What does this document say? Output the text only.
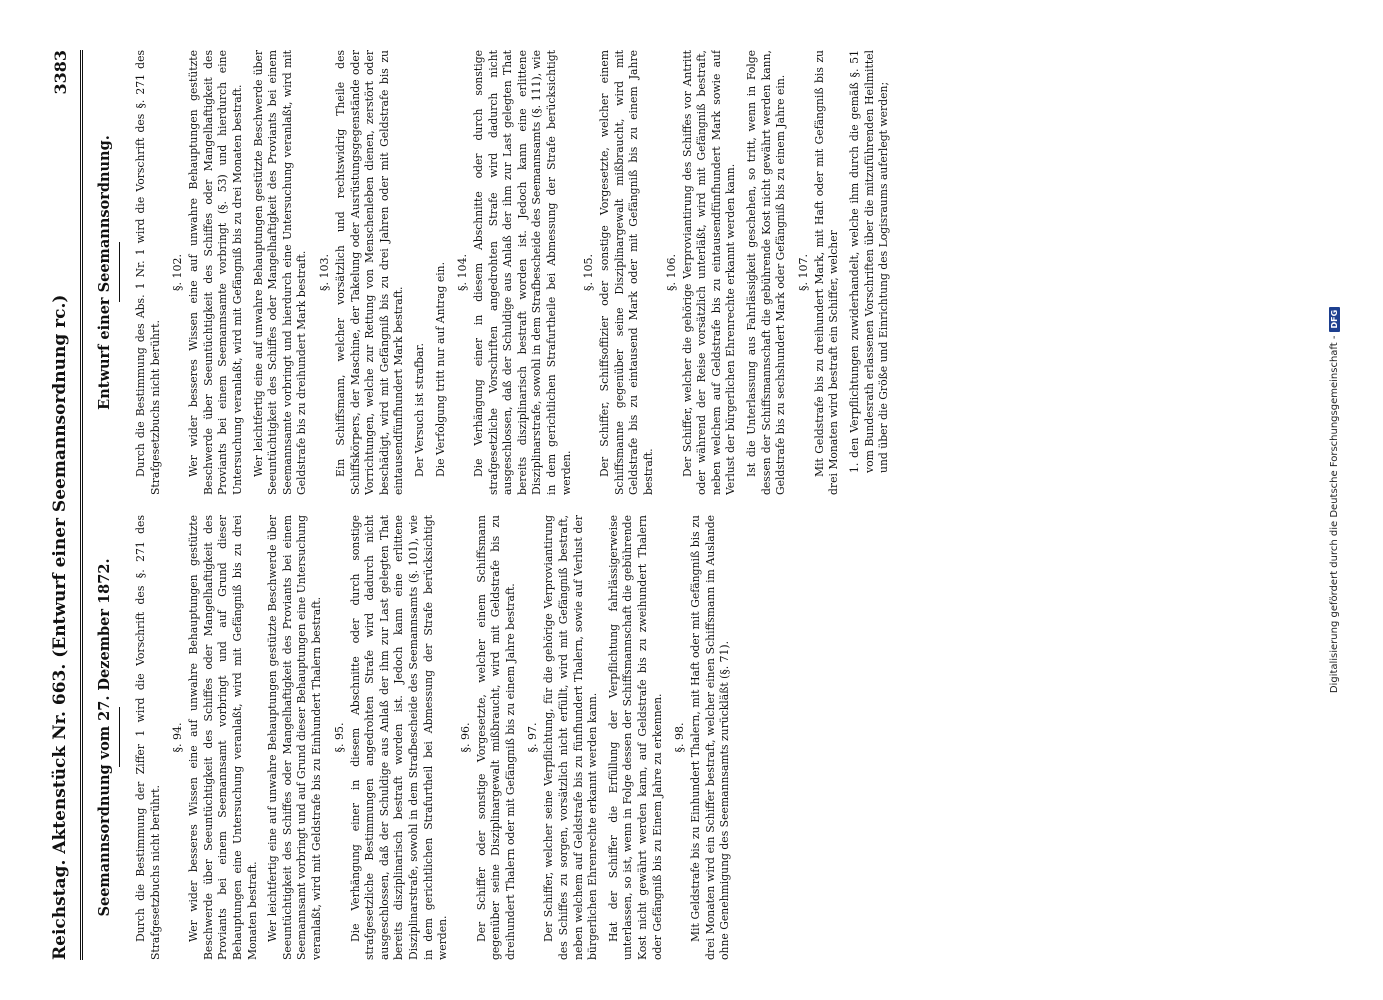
Reichstag. Aktenstück Nr. 663. (Entwurf einer Seemannsordnung rc.)
3383
Seemannsordnung vom 27. Dezember 1872.	Durch die Bestimmung der Ziffer 1 wird die Vorschrift des §. 271 des Strafgesetzbuchs nicht berührt.

§. 94. Wer wider besseres Wissen eine auf unwahre Behauptungen gestützte Beschwerde über Seeuntüchtigkeit des Schiffes oder Mangelhaftigkeit des Proviants bei einem Seemannsamt vorbringt und auf Grund dieser Behauptungen eine Untersuchung veranlaßt, wird mit Gefängniß bis zu drei Monaten bestraft. Wer leichtfertig eine auf unwahre Behauptungen gestützte Beschwerde über Seeuntüchtigkeit des Schiffes oder Mangelhaftigkeit des Proviants bei einem Seemannsamt vorbringt und auf Grund dieser Behauptungen eine Untersuchung veranlaßt, wird mit Geldstrafe bis zu Einhundert Thalern bestraft. §. 95. Die Verhängung einer in diesem Abschnitte oder durch sonstige strafgesetzliche Bestimmungen angedrohten Strafe wird dadurch nicht ausgeschlossen, daß der Schuldige aus Anlaß der ihm zur Last gelegten That bereits disziplinarisch bestraft worden ist. Jedoch kann eine erlittene Disziplinarstrafe, sowohl in dem Strafbescheide des Seemannsamts (§. 101), wie in dem gerichtlichen Strafurtheil bei Abmessung der Strafe berücksichtigt werden.

§. 96. Der Schiffer oder sonstige Vorgesetzte, welcher einem Schiffsmann gegenüber seine Disziplinargewalt mißbraucht, wird mit Geldstrafe bis zu dreihundert Thalern oder mit Gefängniß bis zu einem Jahre bestraft. §. 97. Der Schiffer, welcher seine Verpflichtung, für die gehörige Verproviantirung des Schiffes zu sorgen, vorsätzlich nicht erfüllt, wird mit Gefängniß bestraft, neben welchem auf Geldstrafe bis zu fünfhundert Thalern, sowie auf Verlust der bürgerlichen Ehrenrechte erkannt werden kann. Hat der Schiffer die Erfüllung der Verpflichtung fahrlässigerweise unterlassen, so ist, wenn in Folge dessen der Schiffsmannschaft die gebührende Kost nicht gewährt werden kann, auf Geldstrafe bis zu zweihundert Thalern oder Gefängniß bis zu Einem Jahre zu erkennen. §. 98. Mit Geldstrafe bis zu Einhundert Thalern, mit Haft oder mit Gefängniß bis zu drei Monaten wird ein Schiffer bestraft, welcher einen Schiffsmann im Auslande ohne Genehmigung des Seemannsamts zurückläßt (§. 71).

Entwurf einer Seemannsordnung.	Durch die Bestimmung des Abs. 1 Nr. 1 wird die Vorschrift des §. 271 des Strafgesetzbuchs nicht berührt.

§. 102. Wer wider besseres Wissen eine auf unwahre Behauptungen gestützte Beschwerde über Seeuntüchtigkeit des Schiffes oder Mangelhaftigkeit des Proviants bei einem Seemannsamte vorbringt (§. 53) und hierdurch eine Untersuchung veranlaßt, wird mit Gefängniß bis zu drei Monaten bestraft. Wer leichtfertig eine auf unwahre Behauptungen gestützte Beschwerde über Seeuntüchtigkeit des Schiffes oder Mangelhaftigkeit des Proviants bei einem Seemannsamte vorbringt und hierdurch eine Untersuchung veranlaßt, wird mit Geldstrafe bis zu dreihundert Mark bestraft. §. 103. Ein Schiffsmann, welcher vorsätzlich und rechtswidrig Theile des Schiffskörpers, der Maschine, der Takelung oder Ausrüstungsgegenstände oder Vorrichtungen, welche zur Rettung von Menschenleben dienen, zerstört oder beschädigt, wird mit Gefängniß bis zu drei Jahren oder mit Geldstrafe bis zu eintausendfünfhundert Mark bestraft. Der Versuch ist strafbar. Die Verfolgung tritt nur auf Antrag ein. §. 104. Die Verhängung einer in diesem Abschnitte oder durch sonstige strafgesetzliche Vorschriften angedrohten Strafe wird dadurch nicht ausgeschlossen, daß der Schuldige aus Anlaß der ihm zur Last gelegten That bereits disziplinarisch bestraft worden ist. Jedoch kann eine erlittene Disziplinarstrafe, sowohl in dem Strafbescheide des Seemannsamts (§. 111), wie in dem gerichtlichen Strafurtheile bei Abmessung der Strafe berücksichtigt werden.

§. 105. Der Schiffer, Schiffsoffizier oder sonstige Vorgesetzte, welcher einem Schiffsmanne gegenüber seine Disziplinargewalt mißbraucht, wird mit Geldstrafe bis zu eintausend Mark oder mit Gefängniß bis zu einem Jahre bestraft.

§. 106. Der Schiffer, welcher die gehörige Verproviantirung des Schiffes vor Antritt oder während der Reise vorsätzlich unterläßt, wird mit Gefängniß bestraft, neben welchem auf Geldstrafe bis zu eintausendfünfhundert Mark sowie auf Verlust der bürgerlichen Ehrenrechte erkannt werden kann. Ist die Unterlassung aus Fahrlässigkeit geschehen, so tritt, wenn in Folge dessen der Schiffsmannschaft die gebührende Kost nicht gewährt werden kann, Geldstrafe bis zu sechshundert Mark oder Gefängniß bis zu einem Jahre ein. §. 107. Mit Geldstrafe bis zu dreihundert Mark, mit Haft oder mit Gefängniß bis zu drei Monaten wird bestraft ein Schiffer, welcher 1. den Verpflichtungen zuwiderhandelt, welche ihm durch die gemäß §. 51 vom Bundesrath erlassenen Vorschriften über die mitzuführenden Heilmittel und über die Größe und Einrichtung des Logisraums auferlegt werden;
Digitalisierung gefördert durch die Deutsche Forschungsgemeinschaft -
DFG
